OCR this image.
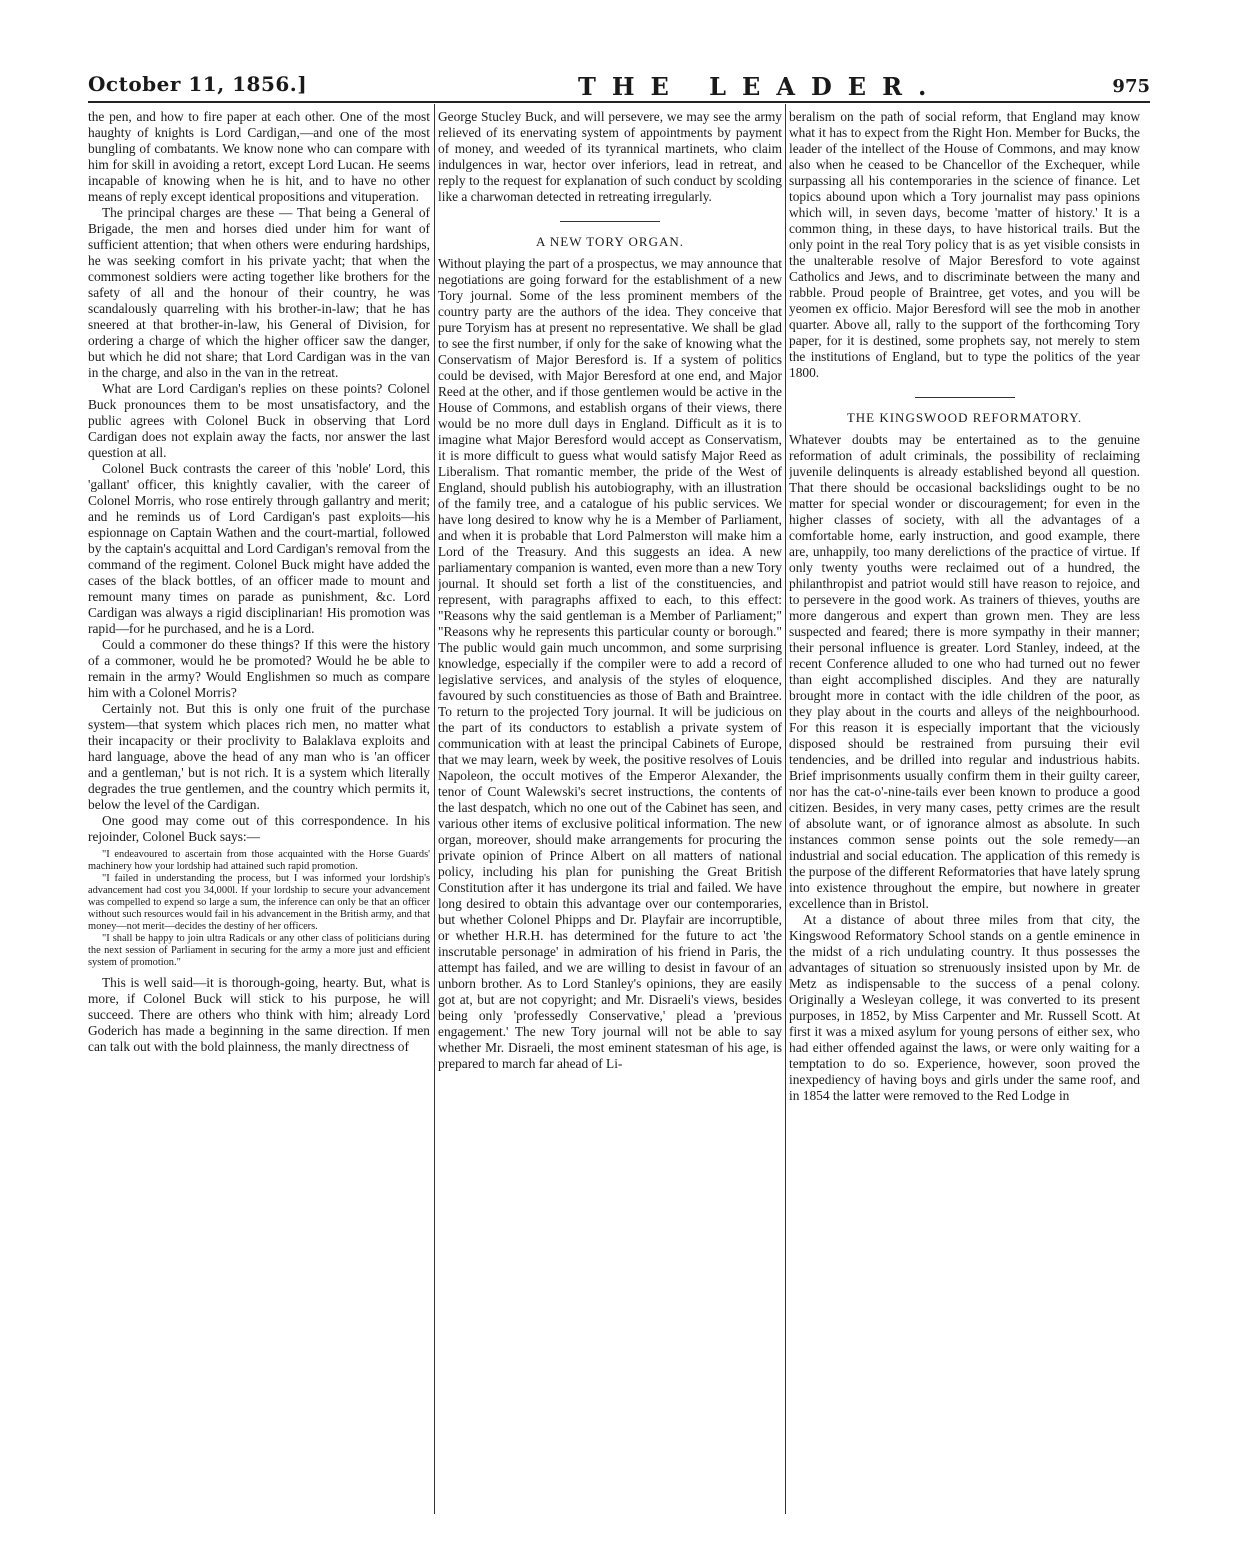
October 11, 1856.]	THE LEADER.	975

the pen, and how to fire paper at each other. One of the most haughty of knights is Lord Cardigan,—and one of the most bungling of combatants. We know none who can compare with him for skill in avoiding a retort, except Lord Lucan. He seems incapable of knowing when he is hit, and to have no other means of reply except identical propositions and vituperation.

The principal charges are these — That being a General of Brigade, the men and horses died under him for want of sufficient attention; that when others were enduring hardships, he was seeking comfort in his private yacht; that when the commonest soldiers were acting together like brothers for the safety of all and the honour of their country, he was scandalously quarreling with his brother-in-law; that he has sneered at that brother-in-law, his General of Division, for ordering a charge of which the higher officer saw the danger, but which he did not share; that Lord Cardigan was in the van in the charge, and also in the van in the retreat.

What are Lord Cardigan's replies on these points? Colonel Buck pronounces them to be most unsatisfactory, and the public agrees with Colonel Buck in observing that Lord Cardigan does not explain away the facts, nor answer the last question at all.

Colonel Buck contrasts the career of this 'noble' Lord, this 'gallant' officer, this knightly cavalier, with the career of Colonel Morris, who rose entirely through gallantry and merit; and he reminds us of Lord Cardigan's past exploits—his espionnage on Captain Wathen and the court-martial, followed by the captain's acquittal and Lord Cardigan's removal from the command of the regiment. Colonel Buck might have added the cases of the black bottles, of an officer made to mount and remount many times on parade as punishment, &c. Lord Cardigan was always a rigid disciplinarian! His promotion was rapid—for he purchased, and he is a Lord.

Could a commoner do these things? If this were the history of a commoner, would he be promoted? Would he be able to remain in the army? Would Englishmen so much as compare him with a Colonel Morris?

Certainly not. But this is only one fruit of the purchase system—that system which places rich men, no matter what their incapacity or their proclivity to Balaklava exploits and hard language, above the head of any man who is 'an officer and a gentleman,' but is not rich. It is a system which literally degrades the true gentlemen, and the country which permits it, below the level of the Cardigan.

One good may come out of this correspondence. In his rejoinder, Colonel Buck says:—

"I endeavoured to ascertain from those acquainted with the Horse Guards' machinery how your lordship had attained such rapid promotion.

"I failed in understanding the process, but I was informed your lordship's advancement had cost you 34,000l. If your lordship to secure your advancement was compelled to expend so large a sum, the inference can only be that an officer without such resources would fail in his advancement in the British army, and that money—not merit—decides the destiny of her officers.

"I shall be happy to join ultra Radicals or any other class of politicians during the next session of Parliament in securing for the army a more just and efficient system of promotion."

This is well said—it is thorough-going, hearty. But, what is more, if Colonel Buck will stick to his purpose, he will succeed. There are others who think with him; already Lord Goderich has made a beginning in the same direction. If men can talk out with the bold plainness, the manly directness of

George Stucley Buck, and will persevere, we may see the army relieved of its enervating system of appointments by payment of money, and weeded of its tyrannical martinets, who claim indulgences in war, hector over inferiors, lead in retreat, and reply to the request for explanation of such conduct by scolding like a charwoman detected in retreating irregularly.

A NEW TORY ORGAN.

Without playing the part of a prospectus, we may announce that negotiations are going forward for the establishment of a new Tory journal. Some of the less prominent members of the country party are the authors of the idea. They conceive that pure Toryism has at present no representative. We shall be glad to see the first number, if only for the sake of knowing what the Conservatism of Major Beresford is. If a system of politics could be devised, with Major Beresford at one end, and Major Reed at the other, and if those gentlemen would be active in the House of Commons, and establish organs of their views, there would be no more dull days in England. Difficult as it is to imagine what Major Beresford would accept as Conservatism, it is more difficult to guess what would satisfy Major Reed as Liberalism. That romantic member, the pride of the West of England, should publish his autobiography, with an illustration of the family tree, and a catalogue of his public services. We have long desired to know why he is a Member of Parliament, and when it is probable that Lord Palmerston will make him a Lord of the Treasury. And this suggests an idea. A new parliamentary companion is wanted, even more than a new Tory journal. It should set forth a list of the constituencies, and represent, with paragraphs affixed to each, to this effect: "Reasons why the said gentleman is a Member of Parliament;" "Reasons why he represents this particular county or borough." The public would gain much uncommon, and some surprising knowledge, especially if the compiler were to add a record of legislative services, and analysis of the styles of eloquence, favoured by such constituencies as those of Bath and Braintree. To return to the projected Tory journal. It will be judicious on the part of its conductors to establish a private system of communication with at least the principal Cabinets of Europe, that we may learn, week by week, the positive resolves of Louis Napoleon, the occult motives of the Emperor Alexander, the tenor of Count Walewski's secret instructions, the contents of the last despatch, which no one out of the Cabinet has seen, and various other items of exclusive political information. The new organ, moreover, should make arrangements for procuring the private opinion of Prince Albert on all matters of national policy, including his plan for punishing the Great British Constitution after it has undergone its trial and failed. We have long desired to obtain this advantage over our contemporaries, but whether Colonel Phipps and Dr. Playfair are incorruptible, or whether H.R.H. has determined for the future to act 'the inscrutable personage' in admiration of his friend in Paris, the attempt has failed, and we are willing to desist in favour of an unborn brother. As to Lord Stanley's opinions, they are easily got at, but are not copyright; and Mr. Disraeli's views, besides being only 'professedly Conservative,' plead a 'previous engagement.' The new Tory journal will not be able to say whether Mr. Disraeli, the most eminent statesman of his age, is prepared to march far ahead of Li-

beralism on the path of social reform, that England may know what it has to expect from the Right Hon. Member for Bucks, the leader of the intellect of the House of Commons, and may know also when he ceased to be Chancellor of the Exchequer, while surpassing all his contemporaries in the science of finance. Let topics abound upon which a Tory journalist may pass opinions which will, in seven days, become 'matter of history.' It is a common thing, in these days, to have historical trails. But the only point in the real Tory policy that is as yet visible consists in the unalterable resolve of Major Beresford to vote against Catholics and Jews, and to discriminate between the many and rabble. Proud people of Braintree, get votes, and you will be yeomen ex officio. Major Beresford will see the mob in another quarter. Above all, rally to the support of the forthcoming Tory paper, for it is destined, some prophets say, not merely to stem the institutions of England, but to type the politics of the year 1800.

THE KINGSWOOD REFORMATORY.

Whatever doubts may be entertained as to the genuine reformation of adult criminals, the possibility of reclaiming juvenile delinquents is already established beyond all question. That there should be occasional backslidings ought to be no matter for special wonder or discouragement; for even in the higher classes of society, with all the advantages of a comfortable home, early instruction, and good example, there are, unhappily, too many derelictions of the practice of virtue. If only twenty youths were reclaimed out of a hundred, the philanthropist and patriot would still have reason to rejoice, and to persevere in the good work. As trainers of thieves, youths are more dangerous and expert than grown men. They are less suspected and feared; there is more sympathy in their manner; their personal influence is greater. Lord Stanley, indeed, at the recent Conference alluded to one who had turned out no fewer than eight accomplished disciples. And they are naturally brought more in contact with the idle children of the poor, as they play about in the courts and alleys of the neighbourhood. For this reason it is especially important that the viciously disposed should be restrained from pursuing their evil tendencies, and be drilled into regular and industrious habits. Brief imprisonments usually confirm them in their guilty career, nor has the cat-o'-nine-tails ever been known to produce a good citizen. Besides, in very many cases, petty crimes are the result of absolute want, or of ignorance almost as absolute. In such instances common sense points out the sole remedy—an industrial and social education. The application of this remedy is the purpose of the different Reformatories that have lately sprung into existence throughout the empire, but nowhere in greater excellence than in Bristol.

At a distance of about three miles from that city, the Kingswood Reformatory School stands on a gentle eminence in the midst of a rich undulating country. It thus possesses the advantages of situation so strenuously insisted upon by Mr. de Metz as indispensable to the success of a penal colony. Originally a Wesleyan college, it was converted to its present purposes, in 1852, by Miss Carpenter and Mr. Russell Scott. At first it was a mixed asylum for young persons of either sex, who had either offended against the laws, or were only waiting for a temptation to do so. Experience, however, soon proved the inexpediency of having boys and girls under the same roof, and in 1854 the latter were removed to the Red Lodge in
